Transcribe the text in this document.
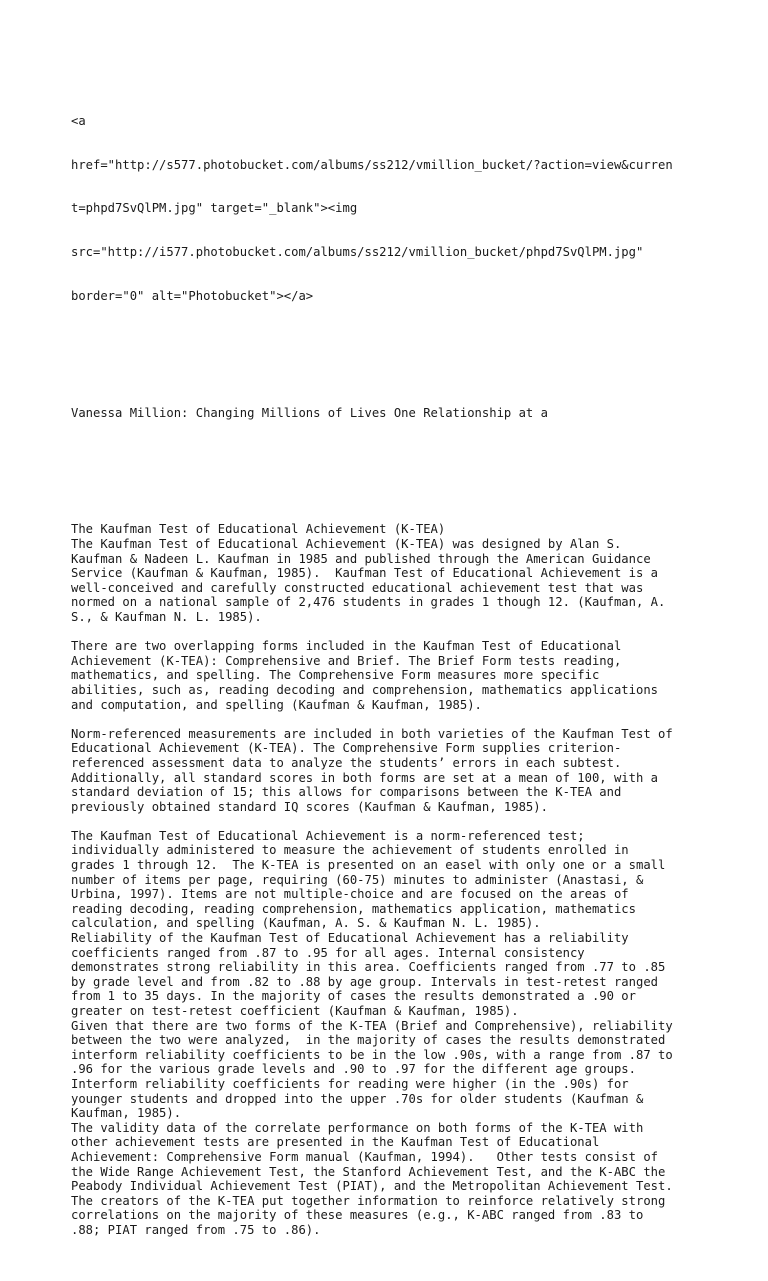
<a

href="http://s577.photobucket.com/albums/ss212/vmillion_bucket/?action=view&curren

t=phpd7SvQlPM.jpg" target="_blank"><img

src="http://i577.photobucket.com/albums/ss212/vmillion_bucket/phpd7SvQlPM.jpg"

border="0" alt="Photobucket"></a>

Vanessa Million: Changing Millions of Lives One Relationship at a

The Kaufman Test of Educational Achievement (K-TEA)

The Kaufman Test of Educational Achievement (K-TEA) was designed by Alan S.

Kaufman & Nadeen L. Kaufman in 1985 and published through the American Guidance

Service (Kaufman & Kaufman, 1985).  Kaufman Test of Educational Achievement is a

well-conceived and carefully constructed educational achievement test that was

normed on a national sample of 2,476 students in grades 1 though 12. (Kaufman, A.

S., & Kaufman N. L. 1985).

There are two overlapping forms included in the Kaufman Test of Educational

Achievement (K-TEA): Comprehensive and Brief. The Brief Form tests reading,

mathematics, and spelling. The Comprehensive Form measures more specific

abilities, such as, reading decoding and comprehension, mathematics applications

and computation, and spelling (Kaufman & Kaufman, 1985).

Norm-referenced measurements are included in both varieties of the Kaufman Test of

Educational Achievement (K-TEA). The Comprehensive Form supplies criterion-

referenced assessment data to analyze the students’ errors in each subtest.

Additionally, all standard scores in both forms are set at a mean of 100, with a

standard deviation of 15; this allows for comparisons between the K-TEA and

previously obtained standard IQ scores (Kaufman & Kaufman, 1985).

The Kaufman Test of Educational Achievement is a norm-referenced test;

individually administered to measure the achievement of students enrolled in

grades 1 through 12.  The K-TEA is presented on an easel with only one or a small

number of items per page, requiring (60-75) minutes to administer (Anastasi, &

Urbina, 1997). Items are not multiple-choice and are focused on the areas of

reading decoding, reading comprehension, mathematics application, mathematics

calculation, and spelling (Kaufman, A. S. & Kaufman N. L. 1985).

Reliability of the Kaufman Test of Educational Achievement has a reliability

coefficients ranged from .87 to .95 for all ages. Internal consistency

demonstrates strong reliability in this area. Coefficients ranged from .77 to .85

by grade level and from .82 to .88 by age group. Intervals in test-retest ranged

from 1 to 35 days. In the majority of cases the results demonstrated a .90 or

greater on test-retest coefficient (Kaufman & Kaufman, 1985).

Given that there are two forms of the K-TEA (Brief and Comprehensive), reliability

between the two were analyzed,  in the majority of cases the results demonstrated

interform reliability coefficients to be in the low .90s, with a range from .87 to

.96 for the various grade levels and .90 to .97 for the different age groups.

Interform reliability coefficients for reading were higher (in the .90s) for

younger students and dropped into the upper .70s for older students (Kaufman &

Kaufman, 1985).

The validity data of the correlate performance on both forms of the K-TEA with

other achievement tests are presented in the Kaufman Test of Educational

Achievement: Comprehensive Form manual (Kaufman, 1994).   Other tests consist of

the Wide Range Achievement Test, the Stanford Achievement Test, and the K-ABC the

Peabody Individual Achievement Test (PIAT), and the Metropolitan Achievement Test.

The creators of the K-TEA put together information to reinforce relatively strong

correlations on the majority of these measures (e.g., K-ABC ranged from .83 to

.88; PIAT ranged from .75 to .86).
